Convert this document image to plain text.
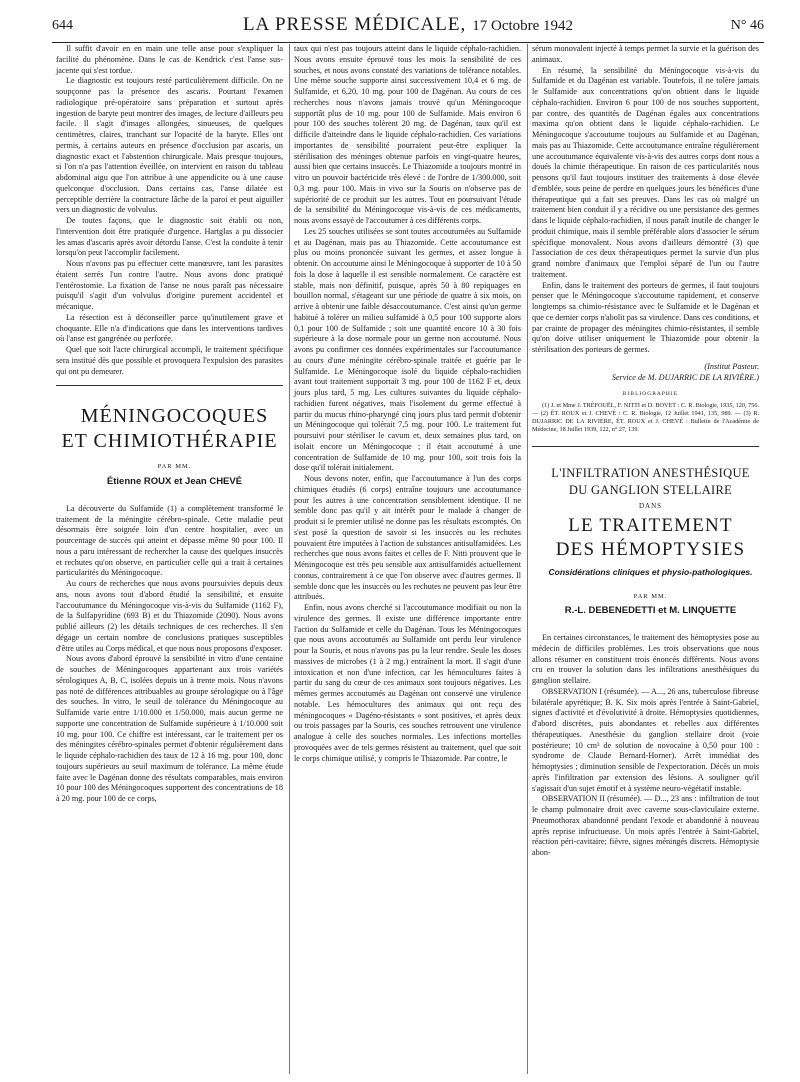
644	LA PRESSE MÉDICALE, 17 Octobre 1942	N° 46

Il suffit d'avoir en en main une telle anse pour s'expliquer la facilité du phénomène. Dans le cas de Kendrick c'est l'anse sus-jacente qui s'est tordue.

Le diagnostic est toujours resté particulièrement difficile. On ne soupçonne pas la présence des ascaris. Pourtant l'examen radiologique pré-opératoire sans préparation et surtout après ingestion de baryte peut montrer des images, de lecture d'ailleurs peu facile. Il s'agit d'images allongées, sinueuses, de quelques centimètres, claires, tranchant sur l'opacité de la baryte. Elles ont permis, à certains auteurs en présence d'occlusion par ascaris, un diagnostic exact et l'abstention chirurgicale. Mais presque toujours, si l'on n'a pas l'attention éveillée, on intervient en raison du tableau abdominal aigu que l'on attribue à une appendicite ou à une cause quelconque d'occlusion. Dans certains cas, l'anse dilatée est perceptible derrière la contracture lâche de la paroi et peut aiguiller vers un diagnostic de volvulus.

De toutes façons, que le diagnostic soit établi ou non, l'intervention doit être pratiquée d'urgence. Hartglas a pu dissocier les amas d'ascaris après avoir détordu l'anse. C'est la conduite à tenir lorsqu'on peut l'accomplir facilement.

Nous n'avons pas pu effectuer cette manœuvre, tant les parasites étaient serrés l'un contre l'autre. Nous avons donc pratiqué l'entérostomie. La fixation de l'anse ne nous paraît pas nécessaire puisqu'il s'agit d'un volvulus d'origine purement accidentel et mécanique.

La résection est à déconseiller parce qu'inutilement grave et choquante. Elle n'a d'indications que dans les interventions tardives où l'anse est gangrénée ou perforée.

Quel que soit l'acte chirurgical accompli, le traitement spécifique sera institué dès que possible et provoquera l'expulsion des parasites qui ont pu demeurer.

MÉNINGOCOQUES ET CHIMIOTHÉRAPIE

PAR MM.

Étienne ROUX et Jean CHEVÉ

La découverte du Sulfamide (1) a complètement transformé le traitement de la méningite cérébro-spinale. Cette maladie peut désormais être soignée loin d'un centre hospitalier, avec un pourcentage de succès qui atteint et dépasse même 90 pour 100. Il nous a paru intéressant de rechercher la cause des quelques insuccès et rechutes qu'on observe, en particulier celle qui a trait à certaines particularités du Méningocoque.

Au cours de recherches que nous avons poursuivies depuis deux ans, nous avons tout d'abord étudié la sensibilité, et ensuite l'accoutumance du Méningocoque vis-à-vis du Sulfamide (1162 F), de la Sulfapyridine (693 B) et du Thiazomide (2090). Nous avons publié ailleurs (2) les détails techniques de ces recherches. Il s'en dégage un certain nombre de conclusions pratiques susceptibles d'être utiles au Corps médical, et que nous nous proposons d'exposer.

Nous avons d'abord éprouvé la sensibilité in vitro d'une centaine de souches de Méningocoques appartenant aux trois variétés sérologiques A, B, C, isolées depuis un à trente mois. Nous n'avons pas noté de différences attribuables au groupe sérologique ou à l'âge des souches. In vitro, le seuil de tolérance du Méningocoque au Sulfamide varie entre 1/10.000 et 1/50.000, mais aucun germe ne supporte une concentration de Sulfamide supérieure à 1/10.000 soit 10 mg. pour 100. Ce chiffre est intéressant, car le traitement per os des méningites cérébro-spinales permet d'obtenir régulièrement dans le liquide céphalo-rachidien des taux de 12 à 16 mg. pour 100, donc toujours supérieurs au seuil maximum de tolérance. La même étude faite avec le Dagénan donne des résultats comparables, mais environ 10 pour 100 des Méningocoques supportent des concentrations de 18 à 20 mg. pour 100 de ce corps,

taux qui n'est pas toujours atteint dans le liquide céphalo-rachidien. Nous avons ensuite éprouvé tous les mois la sensibilité de ces souches, et nous avons constaté des variations de tolérance notables. Une même souche supporte ainsi successivement 10,4 et 6 mg. de Sulfamide, et 6,20, 10 mg. pour 100 de Dagénan. Au cours de ces recherches nous n'avons jamais trouvé qu'un Méningocoque supportât plus de 10 mg. pour 100 de Sulfamide. Mais environ 6 pour 100 des souches tolèrent 20 mg. de Dagénan, taux qu'il est difficile d'atteindre dans le liquide céphalo-rachidien. Ces variations importantes de sensibilité pourraient peut-être expliquer la stérilisation des méninges obtenue parfois en vingt-quatre heures, aussi bien que certains insuccès. Le Thiazomide a toujours montré in vitro un pouvoir bactéricide très élevé : de l'ordre de 1/300.000, soit 0,3 mg. pour 100. Mais in vivo sur la Souris on n'observe pas de supériorité de ce produit sur les autres. Tout en poursuivant l'étude de la sensibilité du Méningocoque vis-à-vis de ces médicaments, nous avons essayé de l'accoutumer à ces différents corps.

Les 25 souches utilisées se sont toutes accoutumées au Sulfamide et au Dagénan, mais pas au Thiazomide. Cette accoutumance est plus ou moins prononcée suivant les germes, et assez longue à obtenir. On accoutume ainsi le Méningocoque à supporter de 10 à 50 fois la dose à laquelle il est sensible normalement. Ce caractère est stable, mais non définitif, puisque, après 50 à 80 repiquages en bouillon normal, s'étageant sur une période de quatre à six mois, on arrive à obtenir une faible désaccoutumance. C'est ainsi qu'un germe habitué à tolérer un milieu sulfamidé à 0,5 pour 100 supporte alors 0,1 pour 100 de Sulfamide ; soit une quantité encore 10 à 30 fois supérieure à la dose normale pour un germe non accoutumé. Nous avons pu confirmer ces données expérimentales sur l'accoutumance au cours d'une méningite cérébro-spinale traitée et guérie par le Sulfamide. Le Méningocoque isolé du liquide céphalo-rachidien avant tout traitement supportait 3 mg. pour 100 de 1162 F et, deux jours plus tard, 5 mg. Les cultures suivantes du liquide céphalo-rachidien furent négatives, mais l'isolement du germe effectué à partir du mucus rhino-pharyngé cinq jours plus tard permit d'obtenir un Méningocoque qui tolérait 7,5 mg. pour 100. Le traitement fut poursuivi pour stériliser le cavum et, deux semaines plus tard, on isolait encore un Méningocoque ; il était accoutumé à une concentration de Sulfamide de 10 mg. pour 100, soit trois fois la dose qu'il tolérait initialement.

Nous devons noter, enfin, que l'accoutumance à l'un des corps chimiques étudiés (6 corps) entraîne toujours une accoutumance pour les autres à une concentration sensiblement identique. Il ne semble donc pas qu'il y ait intérêt pour le malade à changer de produit si le premier utilisé ne donne pas les résultats escomptés. On s'est posé la question de savoir si les insuccès ou les rechutes pouvaient être imputées à l'action de substances antisulfamidées. Les recherches que nous avons faites et celles de F. Nitti prouvent que le Méningocoque est très peu sensible aux antisulfamidés actuellement connus, contrairement à ce que l'on observe avec d'autres germes. Il semble donc que les insuccès ou les rechutes ne peuvent pas leur être attribués.

Enfin, nous avons cherché si l'accoutumance modifiait ou non la virulence des germes. Il existe une différence importante entre l'action du Sulfamide et celle du Dagénan. Tous les Méningocoques que nous avons accoutumés au Sulfamide ont perdu leur virulence pour la Souris, et nous n'avons pas pu la leur rendre. Seule les doses massives de microbes (1 à 2 mg.) entraînent la mort. Il s'agit d'une intoxication et non d'une infection, car les hémocultures faites à partir du sang du cœur de ces animaux sont toujours négatives. Les mêmes germes accoutumés au Dagénan ont conservé une virulence notable. Les hémocultures des animaux qui ont reçu des méningocoques « Dagéno-résistants » sont positives, et après deux ou trois passages par la Souris, ces souches retrouvent une virulence analogue à celle des souches normales. Les infections mortelles provoquées avec de tels germes résistent au traitement, quel que soit le corps chimique utilisé, y compris le Thiazomide. Par contre, le

sérum monovalent injecté à temps permet la survie et la guérison des animaux.

En résumé, la sensibilité du Méningocoque vis-à-vis du Sulfamide et du Dagénan est variable. Toutefois, il ne tolère jamais le Sulfamide aux concentrations qu'on obtient dans le liquide céphalo-rachidien. Environ 6 pour 100 de nos souches supportent, par contre, des quantités de Dagénan égales aux concentrations maxima qu'on obtient dans le liquide céphalo-rachidien. Le Méningocoque s'accoutume toujours au Sulfamide et au Dagénan, mais pas au Thiazomide. Cette accoutumance entraîne régulièrement une accoutumance équivalente vis-à-vis des autres corps dont nous a doués la chimie thérapeutique. En raison de ces particularités nous pensons qu'il faut toujours instituer des traitements à dose élevée d'emblée, sous peine de perdre en quelques jours les bénéfices d'une thérapeutique qui a fait ses preuves. Dans les cas où malgré un traitement bien conduit il y a récidive ou une persistance des germes dans le liquide céphalo-rachidien, il nous paraît inutile de changer le produit chimique, mais il semble préférable alors d'associer le sérum spécifique monovalent. Nous avons d'ailleurs démontré (3) que l'association de ces deux thérapeutiques permet la survie d'un plus grand nombre d'animaux que l'emploi séparé de l'un ou l'autre traitement.

Enfin, dans le traitement des porteurs de germes, il faut toujours penser que le Méningocoque s'accoutume rapidement, et conserve longtemps sa chimio-résistance avec le Sulfamide et le Dagénan et que ce dernier corps n'abolit pas sa virulence. Dans ces conditions, et par crainte de propager des méningites chimio-résistantes, il semble qu'on doive utiliser uniquement le Thiazomide pour obtenir la stérilisation des porteurs de germes.

(Institut Pasteur.

Service de M. DUJARRIC DE LA RIVIÈRE.)

BIBLIOGRAPHIE

(1) J. et Mme J. TRÉFOUËL, F. NITTI et D. BOVET : C. R. Biologie, 1935, 120, 756. — (2) ÉT. ROUX et J. CHEVÉ : C. R. Biologie, 12 Juillet 1941, 135, 989. — (3) R. DUJARRIC DE LA RIVIÈRE, ÉT. ROUX et J. CHEVÉ : Bulletin de l'Académie de Médecine, 18 Juillet 1939, 122, n° 27, 139.

L'INFILTRATION ANESTHÉSIQUE

DU GANGLION STELLAIRE

DANS

LE TRAITEMENT

DES HÉMOPTYSIES

Considérations cliniques et physio-pathologiques.

PAR MM.

R.-L. DEBENEDETTI et M. LINQUETTE

En certaines circonstances, le traitement des hémoptysies pose au médecin de difficiles problèmes. Les trois observations que nous allons résumer en constituent trois énoncés différents. Nous avons cru en trouver la solution dans les infiltrations anesthésiques du ganglion stellaire.

OBSERVATION I (résumée). — A..., 26 ans, tuberculose fibreuse bilatérale apyrétique; B. K. Six mois après l'entrée à Saint-Gabriel, signes d'activité et d'évolutivité à droite. Hémoptysies quotidiennes, d'abord discrètes, puis abondantes et rebelles aux différentes thérapeutiques. Anesthésie du ganglion stellaire droit (voie postérieure; 10 cm³ de solution de novocaïne à 0,50 pour 100 : syndrome de Claude Bernard-Horner). Arrêt immédiat des hémoptysies ; diminution sensible de l'expectoration. Décès un mois après l'infiltration par extension des lésions. A souligner qu'il s'agissait d'un sujet émotif et à système neuro-végétatif instable.

OBSERVATION II (résumée). — D..., 23 ans : infiltration de tout le champ pulmonaire droit avec caverne sous-claviculaire externe. Pneumothorax abandonné pendant l'exode et abandonné à nouveau après reprise infructueuse. Un mois après l'entrée à Saint-Gabriel, réaction péri-cavitaire; fièvre, signes méningés discrets. Hémoptysie abon-
